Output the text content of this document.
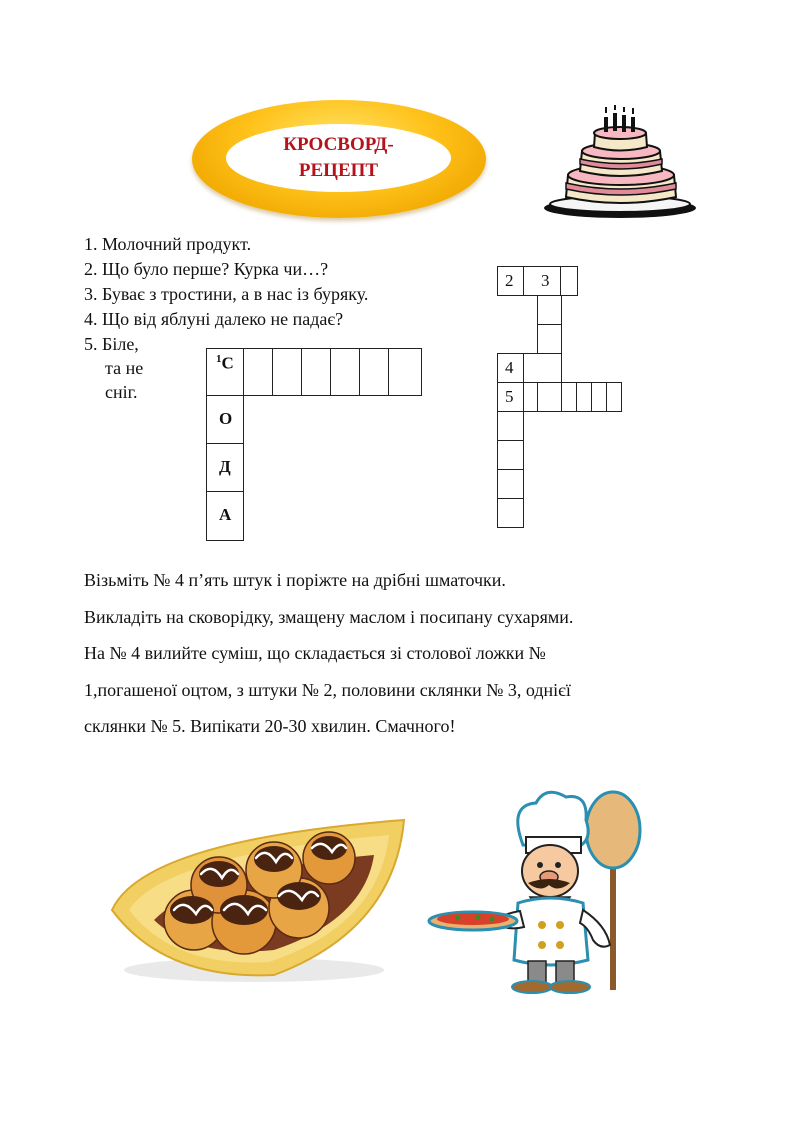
КРОСВОРД-
РЕЦЕПТ
1. Молочний продукт.
2. Що було перше? Курка чи…?
3. Буває з тростини, а в нас із буряку.
4. Що від яблуні далеко не падає?
5. Біле,
та не
сніг.
$^1$С
О
Д
А
2 3
4
5
Візьміть № 4 п’ять штук і поріжте на дрібні шматочки.
Викладіть на сковорідку, змащену маслом і посипану сухарями.
На № 4 вилийте суміш, що складається зі столової ложки №
1,погашеної оцтом, з штуки № 2, половини склянки № 3, однієї
склянки № 5. Випікати 20-30 хвилин. Смачного!
